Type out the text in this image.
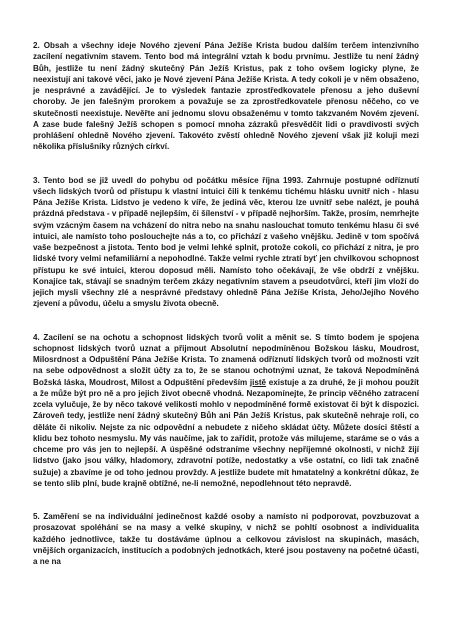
2. Obsah a všechny ideje Nového zjevení Pána Ježíše Krista budou dalším terčem intenzivního zacílení negativním stavem. Tento bod má integrální vztah k bodu prvnímu. Jestliže tu není žádný Bůh, jestliže tu není žádný skutečný Pán Ježíš Kristus, pak z toho ovšem logicky plyne, že neexistují ani takové věci, jako je Nové zjevení Pána Ježíše Krista. A tedy cokoli je v něm obsaženo, je nesprávné a zavádějící. Je to výsledek fantazie zprostředkovatele přenosu a jeho duševní choroby. Je jen falešným prorokem a považuje se za zprostředkovatele přenosu něčeho, co ve skutečnosti neexistuje. Nevěřte ani jednomu slovu obsaženému v tomto takzvaném Novém zjevení. A zase bude falešný Ježíš schopen s pomocí mnoha zázraků přesvědčit lidi o pravdivosti svých prohlášení ohledně Nového zjevení. Takovéto zvěstí ohledně Nového zjevení však již koluji mezi několika příslušníky různých církví.

3. Tento bod se již uvedl do pohybu od počátku měsíce října 1993. Zahrnuje postupné odříznutí všech lidských tvorů od přístupu k vlastní intuici čili k tenkému tichému hlásku uvnitř nich - hlasu Pána Ježíše Krista. Lidstvo je vedeno k víře, že jediná věc, kterou lze uvnitř sebe nalézt, je pouhá prázdná představa - v případě nejlepším, či šílenství - v případě nejhorším. Takže, prosím, nemrhejte svým vzácným časem na vcházení do nitra nebo na snahu naslouchat tomuto tenkému hlasu či své intuici, ale namísto toho poslouchejte nás a to, co přichází z vašeho vnějšku. Jedině v tom spočívá vaše bezpečnost a jistota. Tento bod je velmi lehké splnit, protože cokoli, co přichází z nitra, je pro lidské tvory velmi nefamiliární a nepohodlné. Takže velmi rychle ztratí byť jen chvilkovou schopnost přístupu ke své intuici, kterou doposud měli. Namísto toho očekávají, že vše obdrží z vnějšku. Konajíce tak, stávají se snadným terčem zkázy negativním stavem a pseudotvůrci, kteří jim vloží do jejich mysli všechny zlé a nesprávné představy ohledně Pána Ježíše Krista, Jeho/Jejího Nového zjevení a původu, účelu a smyslu života obecně.

4. Zacílení se na ochotu a schopnost lidských tvorů volit a měnit se. S tímto bodem je spojena schopnost lidských tvorů uznat a přijmout Absolutní nepodmíněnou Božskou lásku, Moudrost, Milosrdnost a Odpuštění Pána Ježíše Krista. To znamená odříznutí lidských tvorů od možnosti vzít na sebe odpovědnost a složit účty za to, že se stanou ochotnými uznat, že taková Nepodmíněná Božská láska, Moudrost, Milost a Odpuštění především jistě existuje a za druhé, že ji mohou použít a že může být pro ně a pro jejich život obecně vhodná. Nezapomínejte, že princip věčného zatracení zcela vylučuje, že by něco takové velikosti mohlo v nepodmíněné formě existovat či být k dispozici. Zároveň tedy, jestliže není žádný skutečný Bůh ani Pán Ježíš Kristus, pak skutečně nehraje roli, co děláte či nikoliv. Nejste za nic odpovědní a nebudete z ničeho skládat účty. Můžete dosíci štěstí a klidu bez tohoto nesmyslu. My vás naučíme, jak to zařídit, protože vás milujeme, staráme se o vás a chceme pro vás jen to nejlepší. A úspěšné odstraníme všechny nepříjemné okolnosti, v nichž žijí lidstvo (jako jsou války, hladomory, zdravotní potíže, nedostatky a vše ostatní, co lidi tak značně sužuje) a zbavíme je od toho jednou provždy. A jestliže budete mít hmatatelný a konkrétní důkaz, že se tento slib plní, bude krajně obtížné, ne-li nemožné, nepodlehnout této nepravdě.

5. Zaměření se na individuální jedinečnost každé osoby a namísto ni podporovat, povzbuzovat a prosazovat spoléhání se na masy a velké skupiny, v nichž se pohltí osobnost a individualita každého jednotlivce, takže tu dostáváme úplnou a celkovou závislost na skupinách, masách, vnějších organizacích, institucích a podobných jednotkách, které jsou postaveny na početné účasti, a ne na
